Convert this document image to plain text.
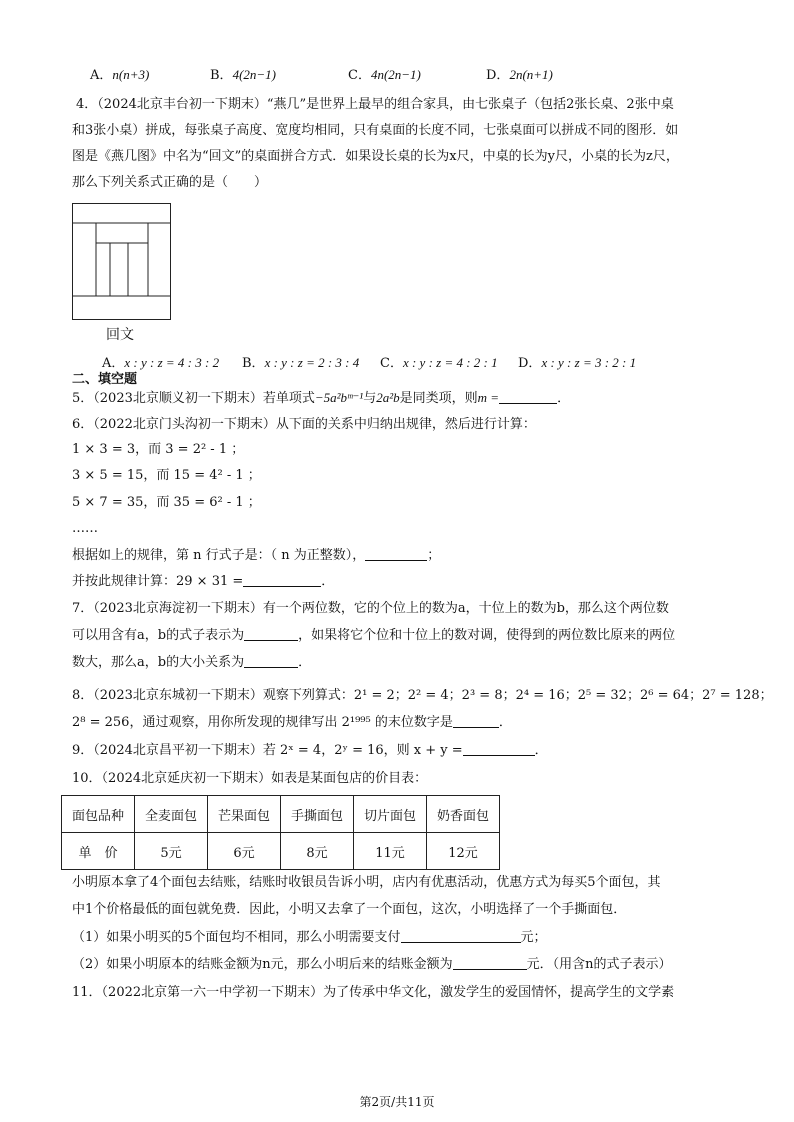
A．n(n+3)	B．4(2n−1)	C．4n(2n−1)	D．2n(n+1)
4．（2024北京丰台初一下期末）“燕几”是世界上最早的组合家具，由七张桌子（包括2张长桌、2张中桌
和3张小桌）拼成，每张桌子高度、宽度均相同，只有桌面的长度不同，七张桌面可以拼成不同的图形．如
图是《燕几图》中名为“回文”的桌面拼合方式．如果设长桌的长为x尺，中桌的长为y尺，小桌的长为z尺，
那么下列关系式正确的是（　　）
回文
A．x : y : z = 4 : 3 : 2 B．x : y : z = 2 : 3 : 4 C．x : y : z = 4 : 2 : 1 D．x : y : z = 3 : 2 : 1
二、填空题
5．（2023北京顺义初一下期末）若单项式−5a²bᵐ⁻¹与2a²b是同类项，则m =	．
6．（2022北京门头沟初一下期末）从下面的关系中归纳出规律，然后进行计算：
1 × 3 = 3，而 3 = 2² - 1 ；
3 × 5 = 15，而 15 = 4² - 1 ；
5 × 7 = 35，而 35 = 6² - 1 ；
……
根据如上的规律，第 n 行式子是：（ n 为正整数），	；
并按此规律计算：29 × 31 =	．
7．（2023北京海淀初一下期末）有一个两位数，它的个位上的数为a，十位上的数为b，那么这个两位数
可以用含有a，b的式子表示为	，如果将它个位和十位上的数对调，使得到的两位数比原来的两位
数大，那么a，b的大小关系为	．
8．（2023北京东城初一下期末）观察下列算式：2¹ = 2；2² = 4；2³ = 8；2⁴ = 16；2⁵ = 32；2⁶ = 64；2⁷ = 128；
2⁸ = 256，通过观察，用你所发现的规律写出 2¹⁹⁹⁵ 的末位数字是	．
9．（2024北京昌平初一下期末）若 2ˣ = 4，2ʸ = 16，则 x + y =	．
10．（2024北京延庆初一下期末）如表是某面包店的价目表：
面包品种	全麦面包	芒果面包	手撕面包	切片面包	奶香面包
单　价	5元	6元	8元	11元	12元
小明原本拿了4个面包去结账，结账时收银员告诉小明，店内有优惠活动，优惠方式为每买5个面包，其
中1个价格最低的面包就免费．因此，小明又去拿了一个面包，这次，小明选择了一个手撕面包．
（1）如果小明买的5个面包均不相同，那么小明需要支付	元；
（2）如果小明原本的结账金额为n元，那么小明后来的结账金额为	元．（用含n的式子表示）
11．（2022北京第一六一中学初一下期末）为了传承中华文化，激发学生的爱国情怀，提高学生的文学素
第2页/共11页
